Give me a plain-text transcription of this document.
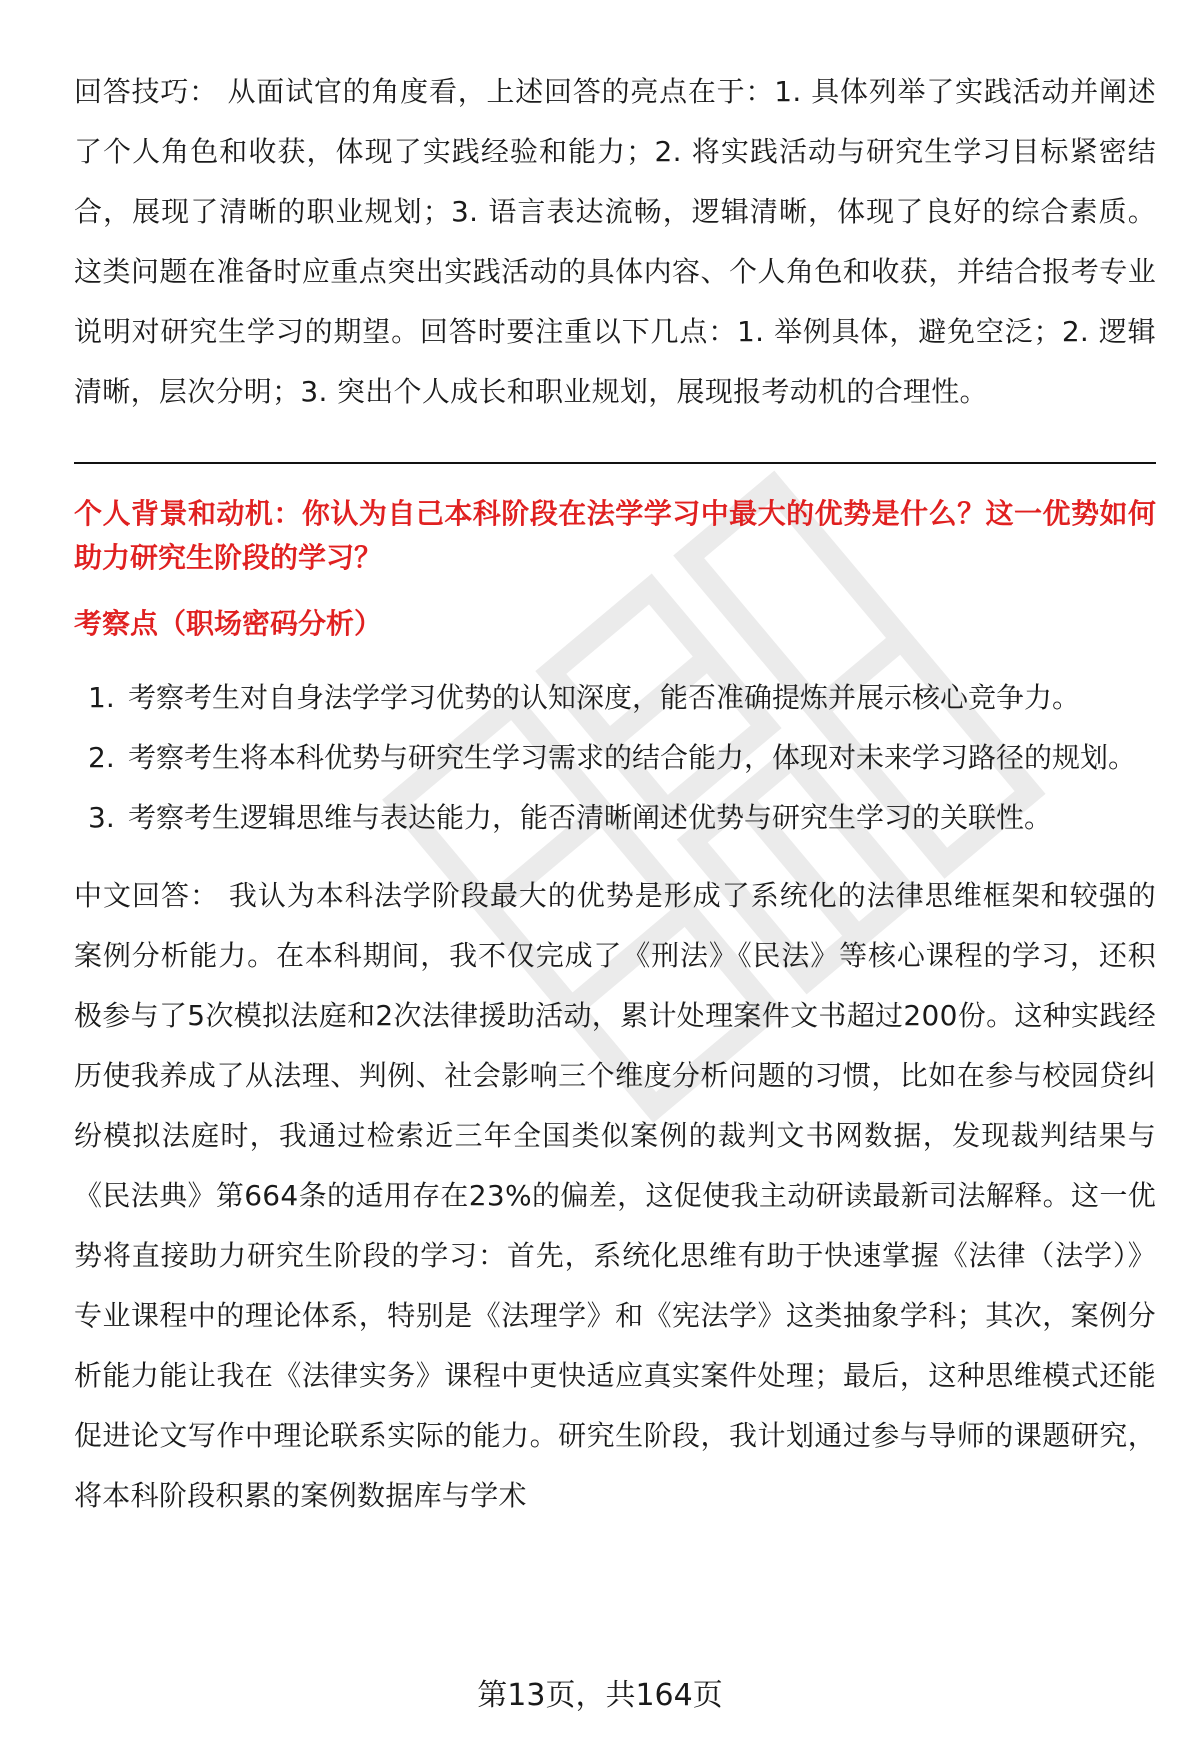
回答技巧： 从面试官的角度看，上述回答的亮点在于：1. 具体列举了实践活动并阐述了个人角色和收获，体现了实践经验和能力；2. 将实践活动与研究生学习目标紧密结合，展现了清晰的职业规划；3. 语言表达流畅，逻辑清晰，体现了良好的综合素质。这类问题在准备时应重点突出实践活动的具体内容、个人角色和收获，并结合报考专业说明对研究生学习的期望。回答时要注重以下几点：1. 举例具体，避免空泛；2. 逻辑清晰，层次分明；3. 突出个人成长和职业规划，展现报考动机的合理性。

个人背景和动机：你认为自己本科阶段在法学学习中最大的优势是什么？这一优势如何助力研究生阶段的学习？

考察点（职场密码分析）

1. 考察考生对自身法学学习优势的认知深度，能否准确提炼并展示核心竞争力。
2. 考察考生将本科优势与研究生学习需求的结合能力，体现对未来学习路径的规划。
3. 考察考生逻辑思维与表达能力，能否清晰阐述优势与研究生学习的关联性。

中文回答： 我认为本科法学阶段最大的优势是形成了系统化的法律思维框架和较强的案例分析能力。在本科期间，我不仅完成了《刑法》《民法》等核心课程的学习，还积极参与了5次模拟法庭和2次法律援助活动，累计处理案件文书超过200份。这种实践经历使我养成了从法理、判例、社会影响三个维度分析问题的习惯，比如在参与校园贷纠纷模拟法庭时，我通过检索近三年全国类似案例的裁判文书网数据，发现裁判结果与《民法典》第664条的适用存在23%的偏差，这促使我主动研读最新司法解释。这一优势将直接助力研究生阶段的学习：首先，系统化思维有助于快速掌握《法律（法学）》专业课程中的理论体系，特别是《法理学》和《宪法学》这类抽象学科；其次，案例分析能力能让我在《法律实务》课程中更快适应真实案件处理；最后，这种思维模式还能促进论文写作中理论联系实际的能力。研究生阶段，我计划通过参与导师的课题研究，将本科阶段积累的案例数据库与学术

第13页，共164页
